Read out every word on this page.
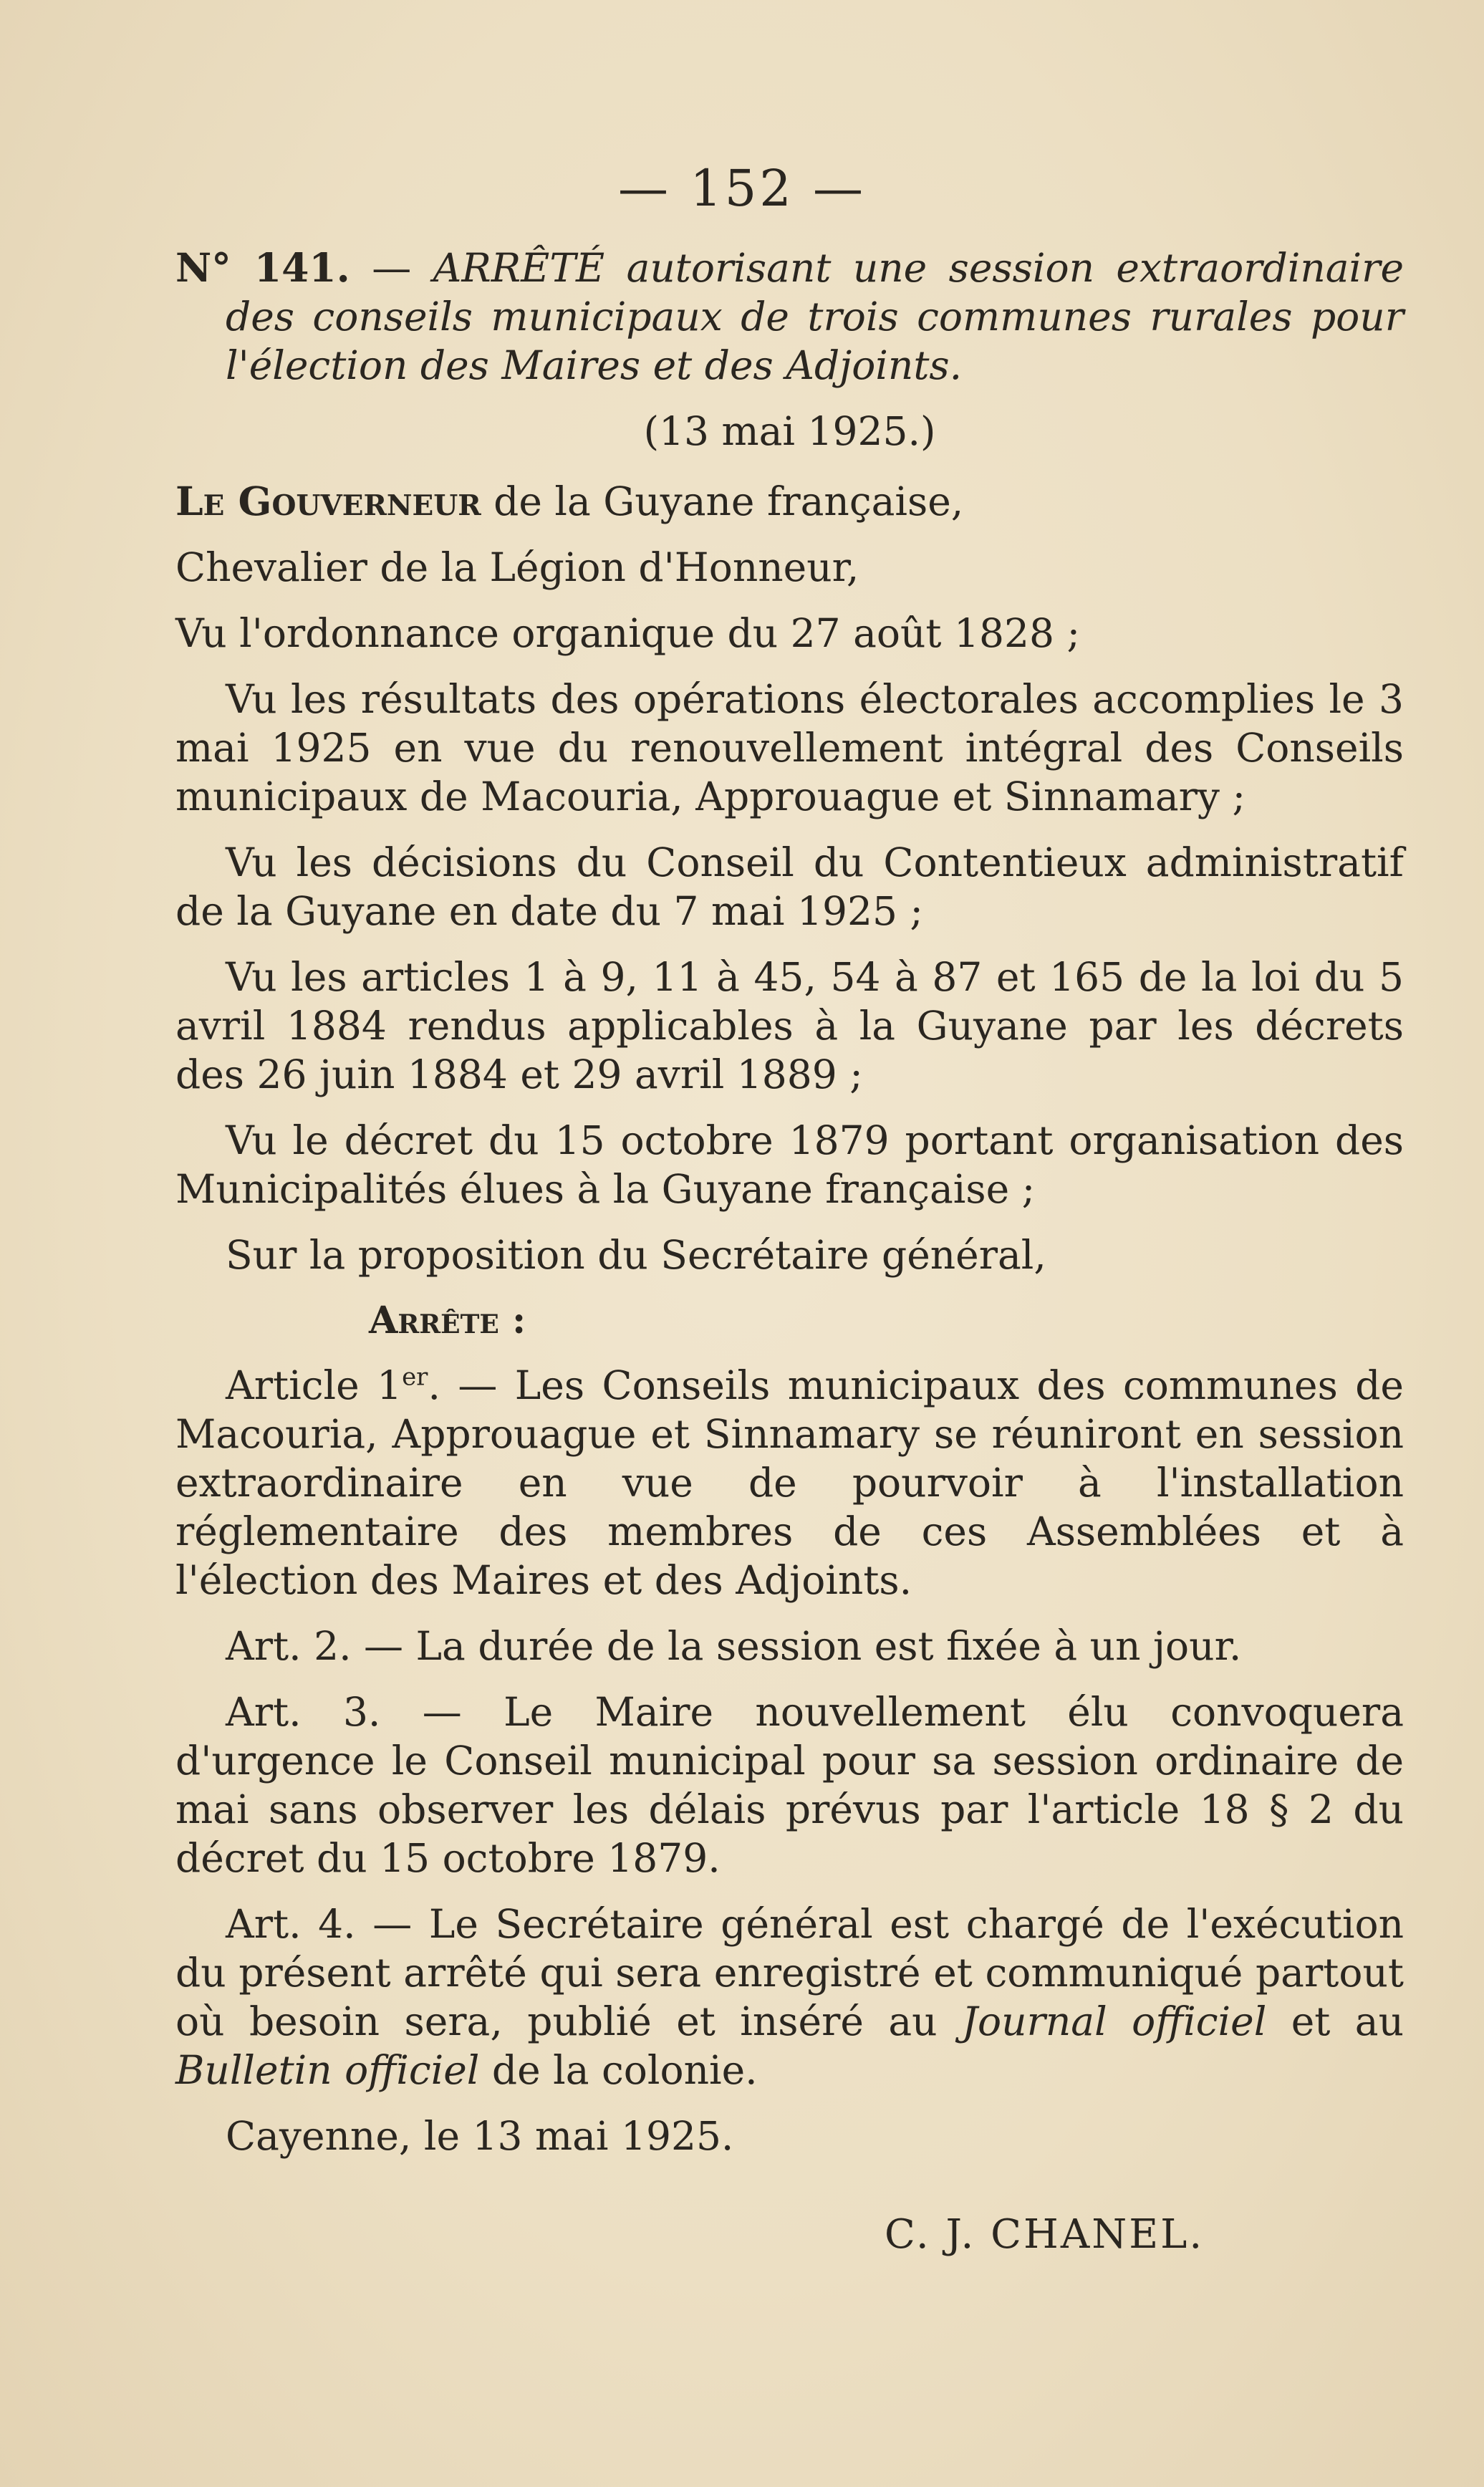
— 152 —

N° 141. — ARRÊTÉ autorisant une session extraordinaire des conseils municipaux de trois communes rurales pour l'élection des Maires et des Adjoints.

(13 mai 1925.)

Le Gouverneur de la Guyane française,

Chevalier de la Légion d'Honneur,

Vu l'ordonnance organique du 27 août 1828 ;

Vu les résultats des opérations électorales accomplies le 3 mai 1925 en vue du renouvellement intégral des Conseils municipaux de Macouria, Approuague et Sinnamary ;

Vu les décisions du Conseil du Contentieux administratif de la Guyane en date du 7 mai 1925 ;

Vu les articles 1 à 9, 11 à 45, 54 à 87 et 165 de la loi du 5 avril 1884 rendus applicables à la Guyane par les décrets des 26 juin 1884 et 29 avril 1889 ;

Vu le décret du 15 octobre 1879 portant organisation des Municipalités élues à la Guyane française ;

Sur la proposition du Secrétaire général,

Arrête :

Article 1er. — Les Conseils municipaux des communes de Macouria, Approuague et Sinnamary se réuniront en session extraordinaire en vue de pourvoir à l'installation réglementaire des membres de ces Assemblées et à l'élection des Maires et des Adjoints.

Art. 2. — La durée de la session est fixée à un jour.

Art. 3. — Le Maire nouvellement élu convoquera d'urgence le Conseil municipal pour sa session ordinaire de mai sans observer les délais prévus par l'article 18 § 2 du décret du 15 octobre 1879.

Art. 4. — Le Secrétaire général est chargé de l'exécution du présent arrêté qui sera enregistré et communiqué partout où besoin sera, publié et inséré au Journal officiel et au Bulletin officiel de la colonie.

Cayenne, le 13 mai 1925.

C. J. CHANEL.
